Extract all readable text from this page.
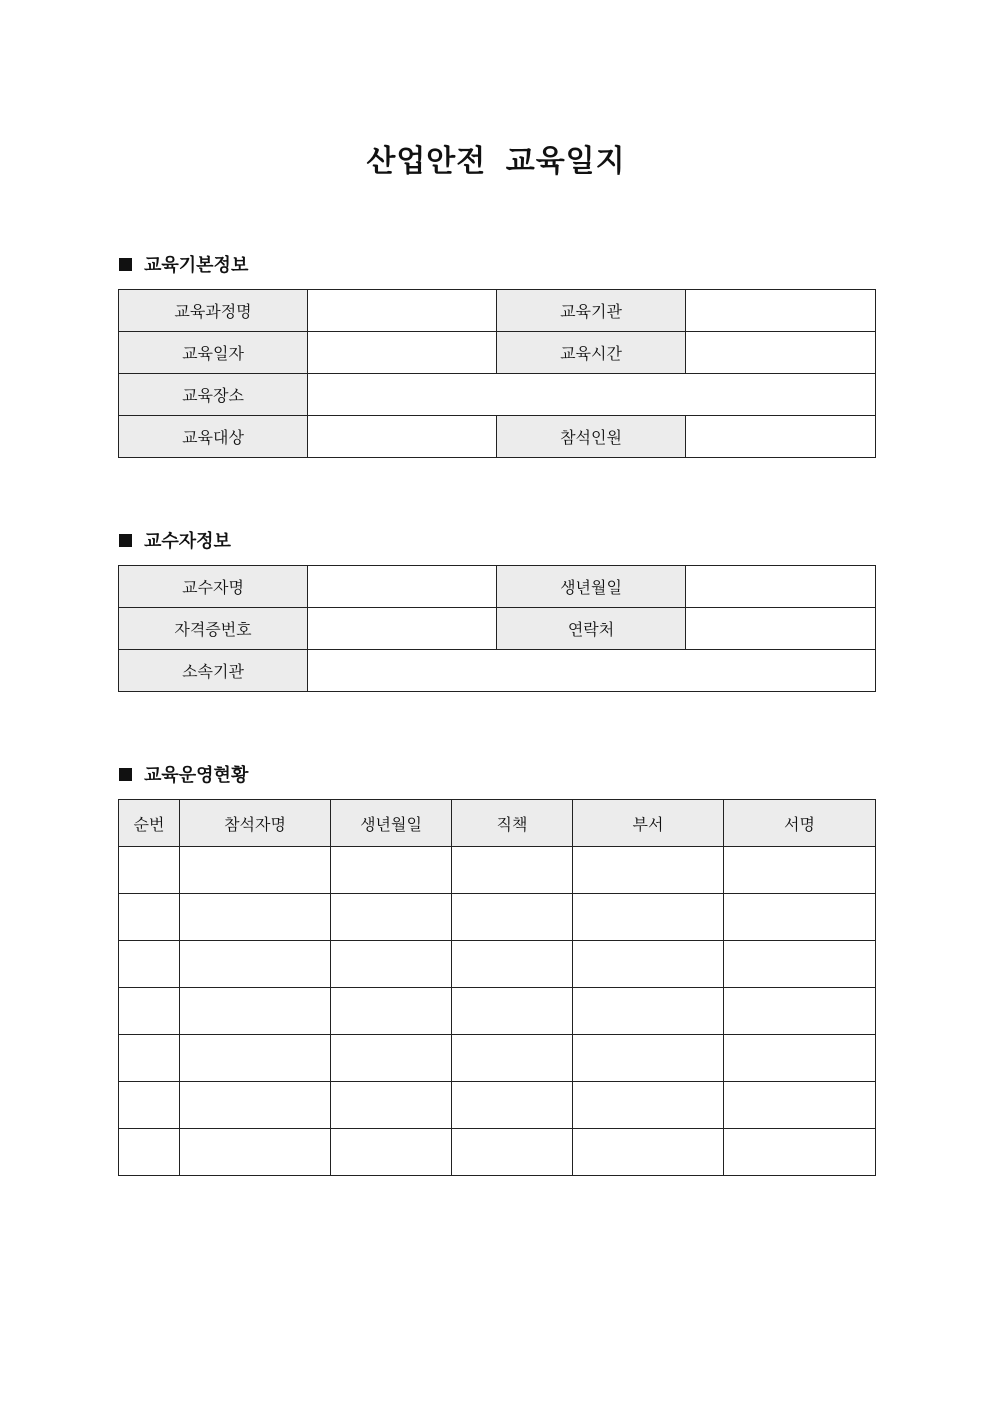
산업안전 교육일지
교육기본정보
교육과정명		교육기관	
교육일자		교육시간	
교육장소			
교육대상		참석인원	
교수자정보
교수자명		생년월일	
자격증번호		연락처	
소속기관			
교육운영현황
순번	참석자명	생년월일	직책	부서	서명
